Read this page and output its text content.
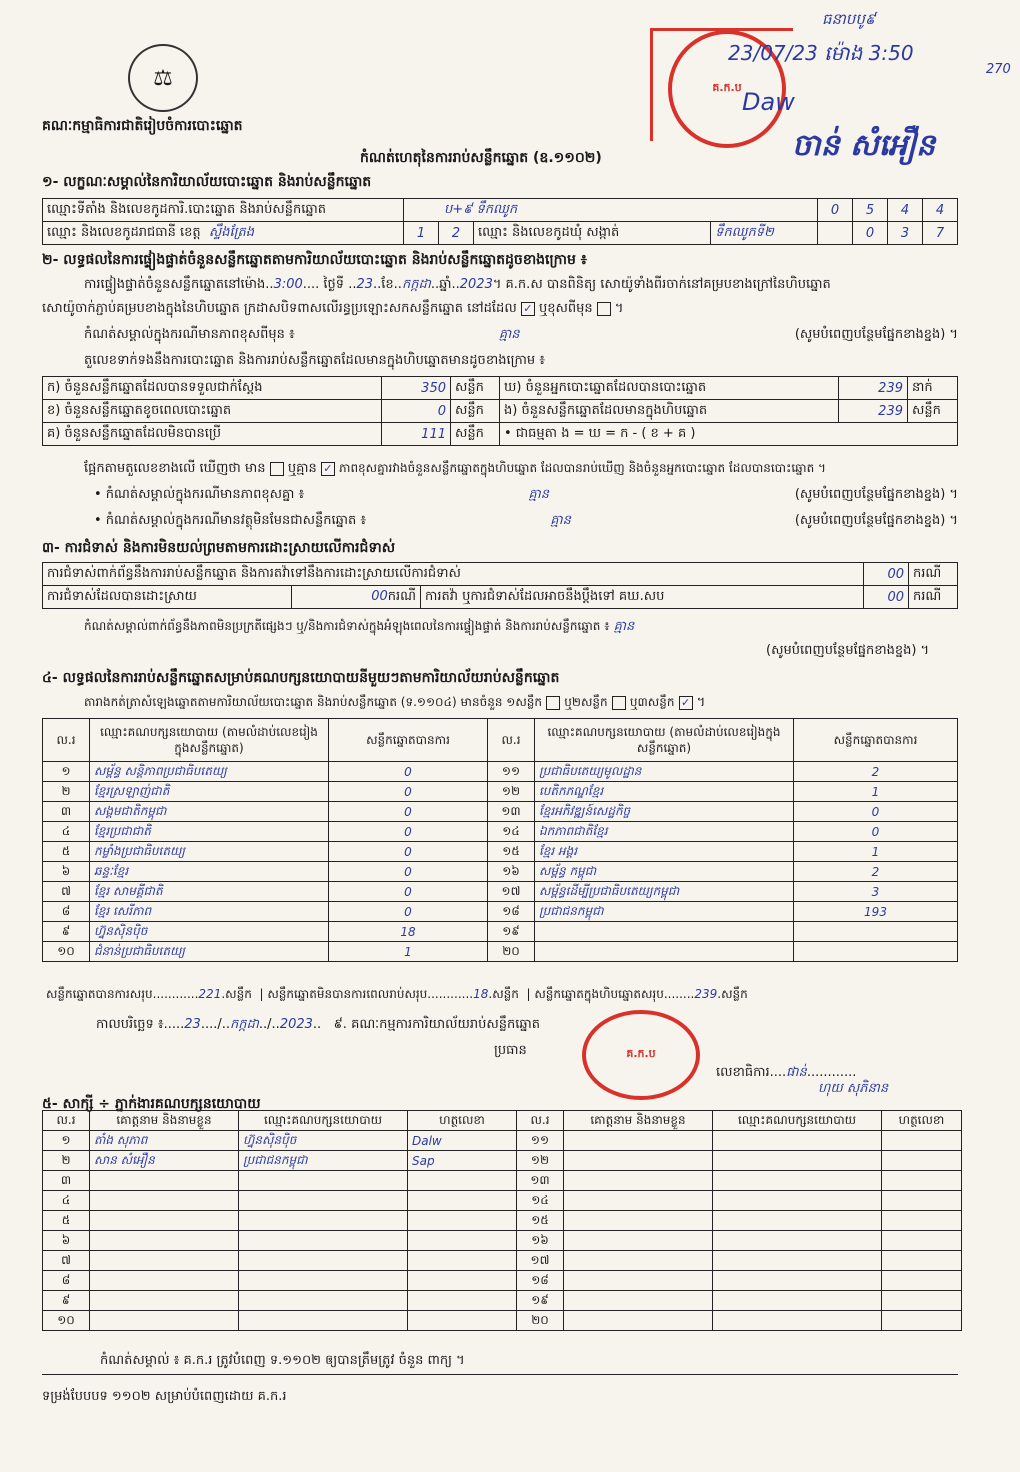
⚖
គណៈកម្មាធិការជាតិរៀបចំការបោះឆ្នោត
កំណត់ហេតុនៃការរាប់សន្លឹកឆ្នោត (ឧ.១១០២)
គ.ក.ប
ធនាបបូ៩
23/07/23 ម៉ោង 3:50
270
Daw
ចាន់ សំអឿន
១- លក្ខណៈសម្គាល់នៃការិយាល័យបោះឆ្នោត និងរាប់សន្លឹកឆ្នោត
ឈ្មោះទីតាំង និងលេខកូដការិ.បោះឆ្នោត និងរាប់សន្លឹកឆ្នោត	ប+៩ ទឹកឈូក				0	5	4	4
ឈ្មោះ និងលេខកូដរាជធានី ខេត្ត ស្ទឹងត្រែង	1	2	ឈ្មោះ និងលេខកូដឃុំ សង្កាត់	ទឹកឈូកទី២		0	3	7
២- លទ្ធផលនៃការផ្ទៀងផ្ទាត់ចំនួនសន្លឹកឆ្នោតតាមការិយាល័យបោះឆ្នោត និងរាប់សន្លឹកឆ្នោតដូចខាងក្រោម ៖
ការផ្ទៀងផ្ទាត់ចំនួនសន្លឹកឆ្នោតនៅម៉ោង..3:00.... ថ្ងៃទី ..23..ខែ..កក្កដា..ឆ្នាំ..2023។ គ.ក.ស បានពិនិត្យ សោយ៉ូទាំងពីរចាក់នៅគម្របខាងក្រៅនៃហិបឆ្នោត
សោយ៉ូចាក់ភ្ជាប់គម្របខាងក្នុងនៃហិបឆ្នោត ក្រដាសបិទពាសលើរន្ធប្រឡោះសកសន្លឹកឆ្នោត នៅដដែល ✓ ឬខុសពីមុន  ។
កំណត់សម្គាល់ក្នុងករណីមានភាពខុសពីមុន ៖	គ្មាន	(សូមបំពេញបន្ថែមផ្នែកខាងខ្នង) ។
តួលេខទាក់ទងនឹងការបោះឆ្នោត និងការរាប់សន្លឹកឆ្នោតដែលមានក្នុងហិបឆ្នោតមានដូចខាងក្រោម ៖
ក) ចំនួនសន្លឹកឆ្នោតដែលបានទទួលជាក់ស្តែង	350	សន្លឹក	ឃ) ចំនួនអ្នកបោះឆ្នោតដែលបានបោះឆ្នោត	239	នាក់
ខ) ចំនួនសន្លឹកឆ្នោតខូចពេលបោះឆ្នោត	0	សន្លឹក	ង) ចំនួនសន្លឹកឆ្នោតដែលមានក្នុងហិបឆ្នោត	239	សន្លឹក
គ) ចំនួនសន្លឹកឆ្នោតដែលមិនបានប្រើ	111	សន្លឹក	• ជាធម្មតា ង = ឃ = ក - ( ខ + គ )		
ផ្អែកតាមតួលេខខាងលើ ឃើញថា មាន ឬគ្មាន ✓ ភាពខុសគ្នារវាងចំនួនសន្លឹកឆ្នោតក្នុងហិបឆ្នោត ដែលបានរាប់ឃើញ និងចំនួនអ្នកបោះឆ្នោត ដែលបានបោះឆ្នោត ។
• កំណត់សម្គាល់ក្នុងករណីមានភាពខុសគ្នា ៖	គ្មាន	(សូមបំពេញបន្ថែមផ្នែកខាងខ្នង) ។
• កំណត់សម្គាល់ក្នុងករណីមានវត្ថុមិនមែនជាសន្លឹកឆ្នោត ៖	គ្មាន	(សូមបំពេញបន្ថែមផ្នែកខាងខ្នង) ។
៣- ការជំទាស់ និងការមិនយល់ព្រមតាមការដោះស្រាយលើការជំទាស់
ការជំទាស់ពាក់ព័ន្ធនឹងការរាប់សន្លឹកឆ្នោត និងការតវ៉ាទៅនឹងការដោះស្រាយលើការជំទាស់			00	ករណី
ការជំទាស់ដែលបានដោះស្រាយ	00ករណី	ការតវ៉ា ឬការជំទាស់ដែលអាចនឹងប្តឹងទៅ គឃ.សប	00	ករណី
កំណត់សម្គាល់ពាក់ព័ន្ធនឹងភាពមិនប្រក្រតីផ្សេងៗ ឬ/និងការជំទាស់ក្នុងអំឡុងពេលនៃការផ្ទៀងផ្ទាត់ និងការរាប់សន្លឹកឆ្នោត ៖ គ្មាន
(សូមបំពេញបន្ថែមផ្នែកខាងខ្នង) ។
៤- លទ្ធផលនៃការរាប់សន្លឹកឆ្នោតសម្រាប់គណបក្សនយោបាយនីមួយៗតាមការិយាល័យរាប់សន្លឹកឆ្នោត
តារាងកត់ត្រាសំឡេងឆ្នោតតាមការិយាល័យបោះឆ្នោត និងរាប់សន្លឹកឆ្នោត (ទ.១១០៤) មានចំនួន ១សន្លឹក ឬ២សន្លឹក ឬ៣សន្លឹក ✓ ។
ល.រ	ឈ្មោះគណបក្សនយោបាយ (តាមលំដាប់លេខរៀងក្នុងសន្លឹកឆ្នោត)	សន្លឹកឆ្នោតបានការ	ល.រ	ឈ្មោះគណបក្សនយោបាយ (តាមលំដាប់លេខរៀងក្នុងសន្លឹកឆ្នោត)	សន្លឹកឆ្នោតបានការ
១	សម្ព័ន្ធ សន្តិភាពប្រជាធិបតេយ្យ	0	១១	ប្រជាធិបតេយ្យមូលដ្ឋាន	2
២	ខ្មែរស្រឡាញ់ជាតិ	0	១២	បេតិកភណ្ឌខ្មែរ	1
៣	សង្គមជាតិកម្ពុជា	0	១៣	ខ្មែរអភិវឌ្ឍន៍សេដ្ឋកិច្ច	0
៤	ខ្មែរប្រជាជាតិ	0	១៤	ឯកភាពជាតិខ្មែរ	0
៥	កម្លាំងប្រជាធិបតេយ្យ	0	១៥	ខ្មែរ អង្គរ	1
៦	ឆន្ទៈខ្មែរ	0	១៦	សម្ព័ន្ធ កម្ពុជា	2
៧	ខ្មែរ សាមគ្គីជាតិ	0	១៧	សម្ព័ន្ធដើម្បីប្រជាធិបតេយ្យកម្ពុជា	3
៨	ខ្មែរ សេរីភាព	0	១៨	ប្រជាជនកម្ពុជា	193
៩	ហ្វ៊ុនស៊ិនប៉ិច	18	១៩		
១០	ជំនាន់ប្រជាធិបតេយ្យ	1	២០		
សន្លឹកឆ្នោតបានការសរុប............221.សន្លឹក  | សន្លឹកឆ្នោតមិនបានការពេលរាប់សរុប............18.សន្លឹក  | សន្លឹកឆ្នោតក្នុងហិបឆ្នោតសរុប........239.សន្លឹក
កាលបរិច្ឆេទ ៖.....23..../..កក្កដា../..2023..   ៩. គណៈកម្មការការិយាល័យរាប់សន្លឹកឆ្នោត
ប្រធាន	គ.ក.ប
លេខាធិការ....ផាន់............
ហុយ សុភិនាន
៥- សាក្សី ÷ ភ្នាក់ងារគណបក្សនយោបាយ
ល.រ	គោត្តនាម និងនាមខ្លួន	ឈ្មោះគណបក្សនយោបាយ	ហត្ថលេខា	ល.រ	គោត្តនាម និងនាមខ្លួន	ឈ្មោះគណបក្សនយោបាយ	ហត្ថលេខា
១	តាំង សុភាព	ហ្វ៊ុនស៊ិនប៉ិច	Dalw	១១			
២	សាន សំអឿន	ប្រជាជនកម្ពុជា	Sap	១២			
៣				១៣			
៤				១៤			
៥				១៥			
៦				១៦			
៧				១៧			
៨				១៨			
៩				១៩			
១០				២០			
កំណត់សម្គាល់ ៖ គ.ក.រ ត្រូវបំពេញ ទ.១១០២ ឲ្យបានត្រឹមត្រូវ ចំនួន ពាក្យ ។
ទម្រង់បែបបទ ១១០២ សម្រាប់បំពេញដោយ គ.ក.រ
